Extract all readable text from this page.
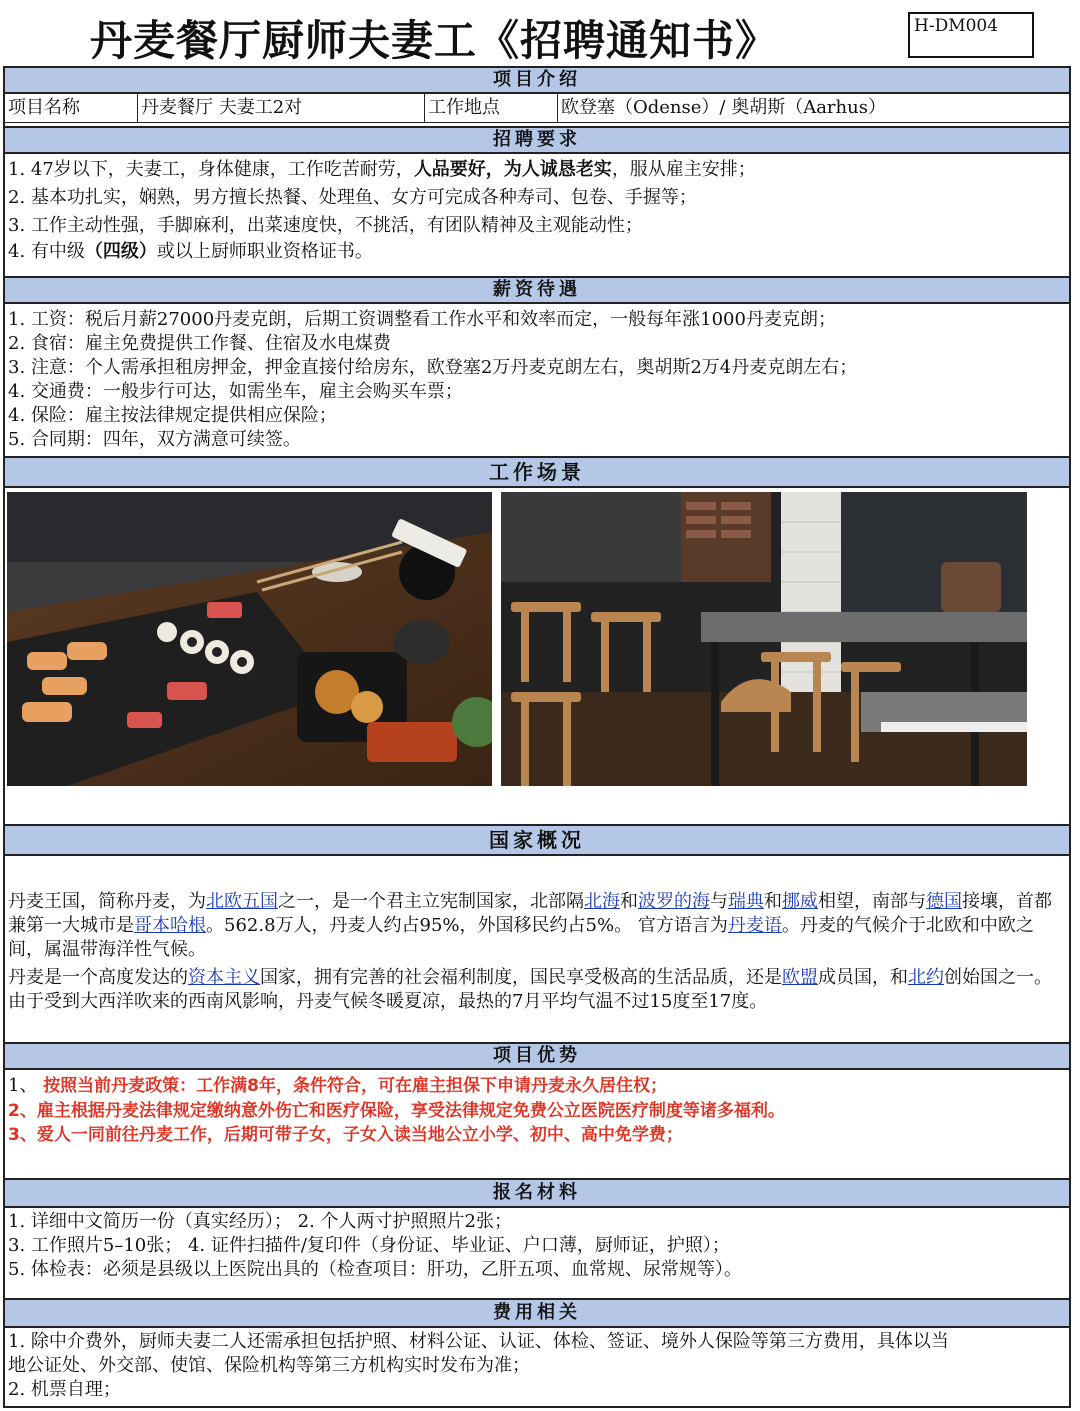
丹麦餐厅厨师夫妻工《招聘通知书》	H-DM004
项目介绍
项目名称	丹麦餐厅 夫妻工2对	工作地点	欧登塞（Odense）/ 奥胡斯（Aarhus）
招聘要求
1. 47岁以下，夫妻工，身体健康，工作吃苦耐劳，人品要好，为人诚恳老实，服从雇主安排；
2. 基本功扎实，娴熟，男方擅长热餐、处理鱼、女方可完成各种寿司、包卷、手握等；
3. 工作主动性强，手脚麻利，出菜速度快，不挑活，有团队精神及主观能动性；
4. 有中级（四级）或以上厨师职业资格证书。
薪资待遇
1. 工资：税后月薪27000丹麦克朗，后期工资调整看工作水平和效率而定，一般每年涨1000丹麦克朗；
2. 食宿：雇主免费提供工作餐、住宿及水电煤费
3. 注意：个人需承担租房押金，押金直接付给房东，欧登塞2万丹麦克朗左右，奥胡斯2万4丹麦克朗左右；
4. 交通费：一般步行可达，如需坐车，雇主会购买车票；
4. 保险：雇主按法律规定提供相应保险；
5. 合同期：四年，双方满意可续签。
工作场景
国家概况
丹麦王国，简称丹麦，为北欧五国之一，是一个君主立宪制国家，北部隔北海和波罗的海与瑞典和挪威相望，南部与德国接壤，首都兼第一大城市是哥本哈根。562.8万人，丹麦人约占95%，外国移民约占5%。 官方语言为丹麦语。丹麦的气候介于北欧和中欧之间，属温带海洋性气候。
丹麦是一个高度发达的资本主义国家，拥有完善的社会福利制度，国民享受极高的生活品质，还是欧盟成员国，和北约创始国之一。由于受到大西洋吹来的西南风影响，丹麦气候冬暖夏凉，最热的7月平均气温不过15度至17度。
项目优势
1、 按照当前丹麦政策：工作满8年，条件符合，可在雇主担保下申请丹麦永久居住权；
2、雇主根据丹麦法律规定缴纳意外伤亡和医疗保险，享受法律规定免费公立医院医疗制度等诸多福利。
3、爱人一同前往丹麦工作，后期可带子女，子女入读当地公立小学、初中、高中免学费；
报名材料
1. 详细中文简历一份（真实经历）； 2. 个人两寸护照照片2张；
3. 工作照片5–10张； 4. 证件扫描件/复印件（身份证、毕业证、户口薄，厨师证，护照）；
5. 体检表：必须是县级以上医院出具的（检查项目：肝功，乙肝五项、血常规、尿常规等）。
费用相关
1. 除中介费外，厨师夫妻二人还需承担包括护照、材料公证、认证、体检、签证、境外人保险等第三方费用，具体以当
地公证处、外交部、使馆、保险机构等第三方机构实时发布为准；
2. 机票自理；
